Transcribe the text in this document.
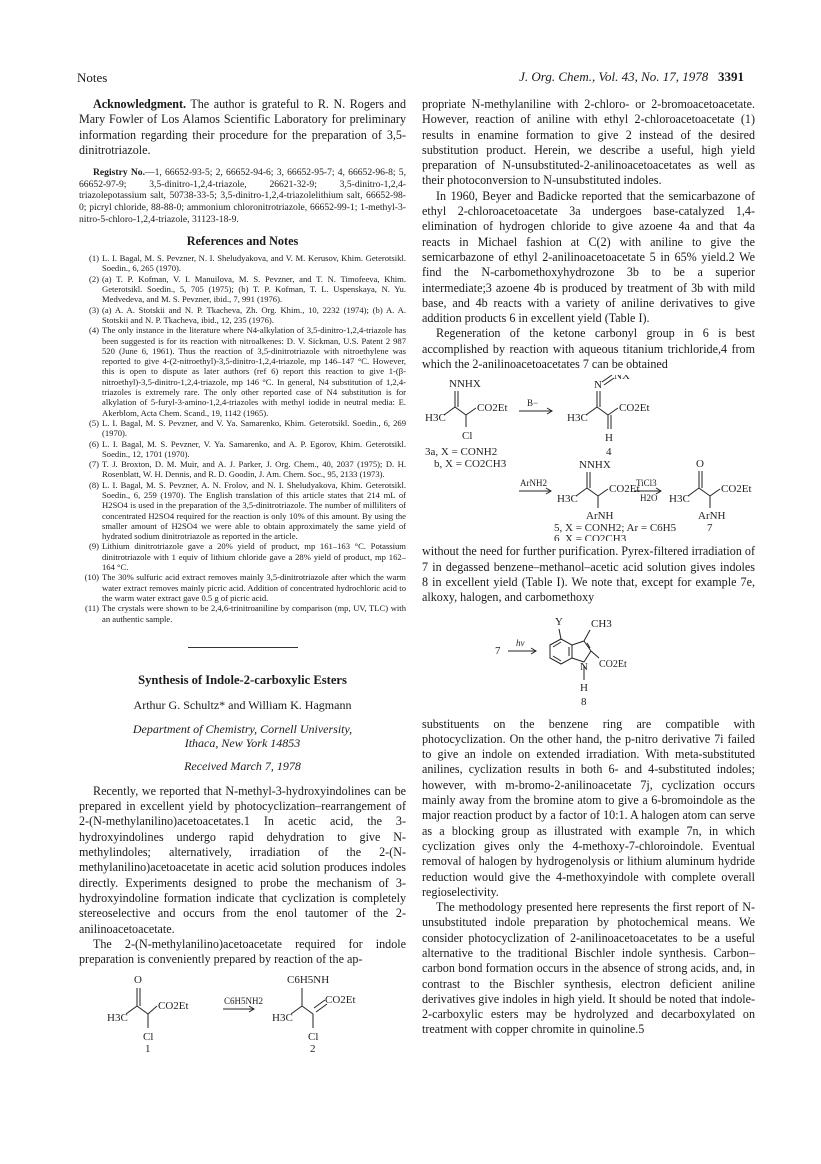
Notes	J. Org. Chem., Vol. 43, No. 17, 1978 3391

Acknowledgment. The author is grateful to R. N. Rogers and Mary Fowler of Los Alamos Scientific Laboratory for preliminary information regarding their procedure for the preparation of 3,5-dinitrotriazole.

Registry No.—1, 66652-93-5; 2, 66652-94-6; 3, 66652-95-7; 4, 66652-96-8; 5, 66652-97-9; 3,5-dinitro-1,2,4-triazole, 26621-32-9; 3,5-dinitro-1,2,4-triazolepotassium salt, 50738-33-5; 3,5-dinitro-1,2,4-triazolelithium salt, 66652-98-0; picryl chloride, 88-88-0; ammonium chloronitrotriazole, 66652-99-1; 1-methyl-3-nitro-5-chloro-1,2,4-triazole, 31123-18-9.

References and Notes
(1) L. I. Bagal, M. S. Pevzner, N. I. Sheludyakova, and V. M. Kerusov, Khim. Geterotsikl. Soedin., 6, 265 (1970).
(2) (a) T. P. Kofman, V. I. Manuilova, M. S. Pevzner, and T. N. Timofeeva, Khim. Geterotsikl. Soedin., 5, 705 (1975); (b) T. P. Kofman, T. L. Uspenskaya, N. Yu. Medvedeva, and M. S. Pevzner, ibid., 7, 991 (1976).
(3) (a) A. A. Stotskii and N. P. Tkacheva, Zh. Org. Khim., 10, 2232 (1974); (b) A. A. Stotskii and N. P. Tkacheva, ibid., 12, 235 (1976).
(4) The only instance in the literature where N4-alkylation of 3,5-dinitro-1,2,4-triazole has been suggested is for its reaction with nitroalkenes: D. V. Sickman, U.S. Patent 2 987 520 (June 6, 1961). Thus the reaction of 3,5-dinitrotriazole with nitroethylene was reported to give 4-(2-nitroethyl)-3,5-dinitro-1,2,4-triazole, mp 146–147 °C. However, this is open to dispute as later authors (ref 6) report this reaction to give 1-(β-nitroethyl)-3,5-dinitro-1,2,4-triazole, mp 146 °C. In general, N4 substitution of 1,2,4-triazoles is extremely rare. The only other reported case of N4 substitution is for alkylation of 5-furyl-3-amino-1,2,4-triazoles with methyl iodide in neutral media: E. Akerblom, Acta Chem. Scand., 19, 1142 (1965).
(5) L. I. Bagal, M. S. Pevzner, and V. Ya. Samarenko, Khim. Geterotsikl. Soedin., 6, 269 (1970).
(6) L. I. Bagal, M. S. Pevzner, V. Ya. Samarenko, and A. P. Egorov, Khim. Geterotsikl. Soedin., 12, 1701 (1970).
(7) T. J. Broxton, D. M. Muir, and A. J. Parker, J. Org. Chem., 40, 2037 (1975); D. H. Rosenblatt, W. H. Dennis, and R. D. Goodin, J. Am. Chem. Soc., 95, 2133 (1973).
(8) L. I. Bagal, M. S. Pevzner, A. N. Frolov, and N. I. Sheludyakova, Khim. Geterotsikl. Soedin., 6, 259 (1970). The English translation of this article states that 214 mL of H2SO4 is used in the preparation of the 3,5-dinitrotriazole. The number of milliliters of concentrated H2SO4 required for the reaction is only 10% of this amount. By using the smaller amount of H2SO4 we were able to obtain approximately the same yield of hydrated sodium dinitrotriazole as reported in the article.
(9) Lithium dinitrotriazole gave a 20% yield of product, mp 161–163 °C. Potassium dinitrotriazole with 1 equiv of lithium chloride gave a 28% yield of product, mp 162–164 °C.
(10) The 30% sulfuric acid extract removes mainly 3,5-dinitrotriazole after which the warm water extract removes mainly picric acid. Addition of concentrated hydrochloric acid to the warm water extract gave 0.5 g of picric acid.
(11) The crystals were shown to be 2,4,6-trinitroaniline by comparison (mp, UV, TLC) with an authentic sample.
Synthesis of Indole-2-carboxylic Esters
Arthur G. Schultz* and William K. Hagmann
Department of Chemistry, Cornell University,
Ithaca, New York 14853
Received March 7, 1978

Recently, we reported that N-methyl-3-hydroxyindolines can be prepared in excellent yield by photocyclization–rearrangement of 2-(N-methylanilino)acetoacetates.1 In acetic acid, the 3-hydroxyindolines undergo rapid dehydration to give N-methylindoles; alternatively, irradiation of the 2-(N-methylanilino)acetoacetate in acetic acid solution produces indoles directly. Experiments designed to probe the mechanism of 3-hydroxyindoline formation indicate that cyclization is completely stereoselective and occurs from the enol tautomer of the 2-anilinoacetoacetate.

The 2-(N-methylanilino)acetoacetate required for indole preparation is conveniently prepared by reaction of the ap-

O
CO2Et
H3C
Cl
1
C6H5NH2
C6H5NH
CO2Et
H3C
Cl
2

propriate N-methylaniline with 2-chloro- or 2-bromoacetoacetate. However, reaction of aniline with ethyl 2-chloroacetoacetate (1) results in enamine formation to give 2 instead of the desired substitution product. Herein, we describe a useful, high yield preparation of N-unsubstituted-2-anilinoacetoacetates as well as their photoconversion to N-unsubstituted indoles.

In 1960, Beyer and Badicke reported that the semicarbazone of ethyl 2-chloroacetoacetate 3a undergoes base-catalyzed 1,4-elimination of hydrogen chloride to give azoene 4a and that 4a reacts in Michael fashion at C(2) with aniline to give the semicarbazone of ethyl 2-anilinoacetoacetate 5 in 65% yield.2 We find the N-carbomethoxyhydrozone 3b to be a superior intermediate;3 azoene 4b is produced by treatment of 3b with mild base, and 4b reacts with a variety of aniline derivatives to give addition products 6 in excellent yield (Table I).

Regeneration of the ketone carbonyl group in 6 is best accomplished by reaction with aqueous titanium trichloride,4 from which the 2-anilinoacetoacetates 7 can be obtained

NNHX
CO2Et
H3C
Cl
3a, X = CONH2
b, X = CO2CH3
B−
NX
N
CO2Et
H3C
H
4
ArNH2
NNHX
CO2Et
H3C
ArNH
TiCl3
H2O
O
CO2Et
H3C
ArNH
5, X = CONH2; Ar = C6H5
6, X = CO2CH3
7

without the need for further purification. Pyrex-filtered irradiation of 7 in degassed benzene–methanol–acetic acid solution gives indoles 8 in excellent yield (Table I). We note that, except for example 7e, alkoxy, halogen, and carbomethoxy

7
hν
Y	CH3
N CO2Et
H
8

substituents on the benzene ring are compatible with photocyclization. On the other hand, the p-nitro derivative 7i failed to give an indole on extended irradiation. With meta-substituted anilines, cyclization results in both 6- and 4-substituted indoles; however, with m-bromo-2-anilinoacetate 7j, cyclization occurs mainly away from the bromine atom to give a 6-bromoindole as the major reaction product by a factor of 10:1. A halogen atom can serve as a blocking group as illustrated with example 7n, in which cyclization gives only the 4-methoxy-7-chloroindole. Eventual removal of halogen by hydrogenolysis or lithium aluminum hydride reduction would give the 4-methoxyindole with complete overall regioselectivity.

The methodology presented here represents the first report of N-unsubstituted indole preparation by photochemical means. We consider photocyclization of 2-anilinoacetoacetates to be a useful alternative to the traditional Bischler indole synthesis. Carbon–carbon bond formation occurs in the absence of strong acids, and, in contrast to the Bischler synthesis, electron deficient aniline derivatives give indoles in high yield. It should be noted that indole-2-carboxylic esters may be hydrolyzed and decarboxylated on treatment with copper chromite in quinoline.5
